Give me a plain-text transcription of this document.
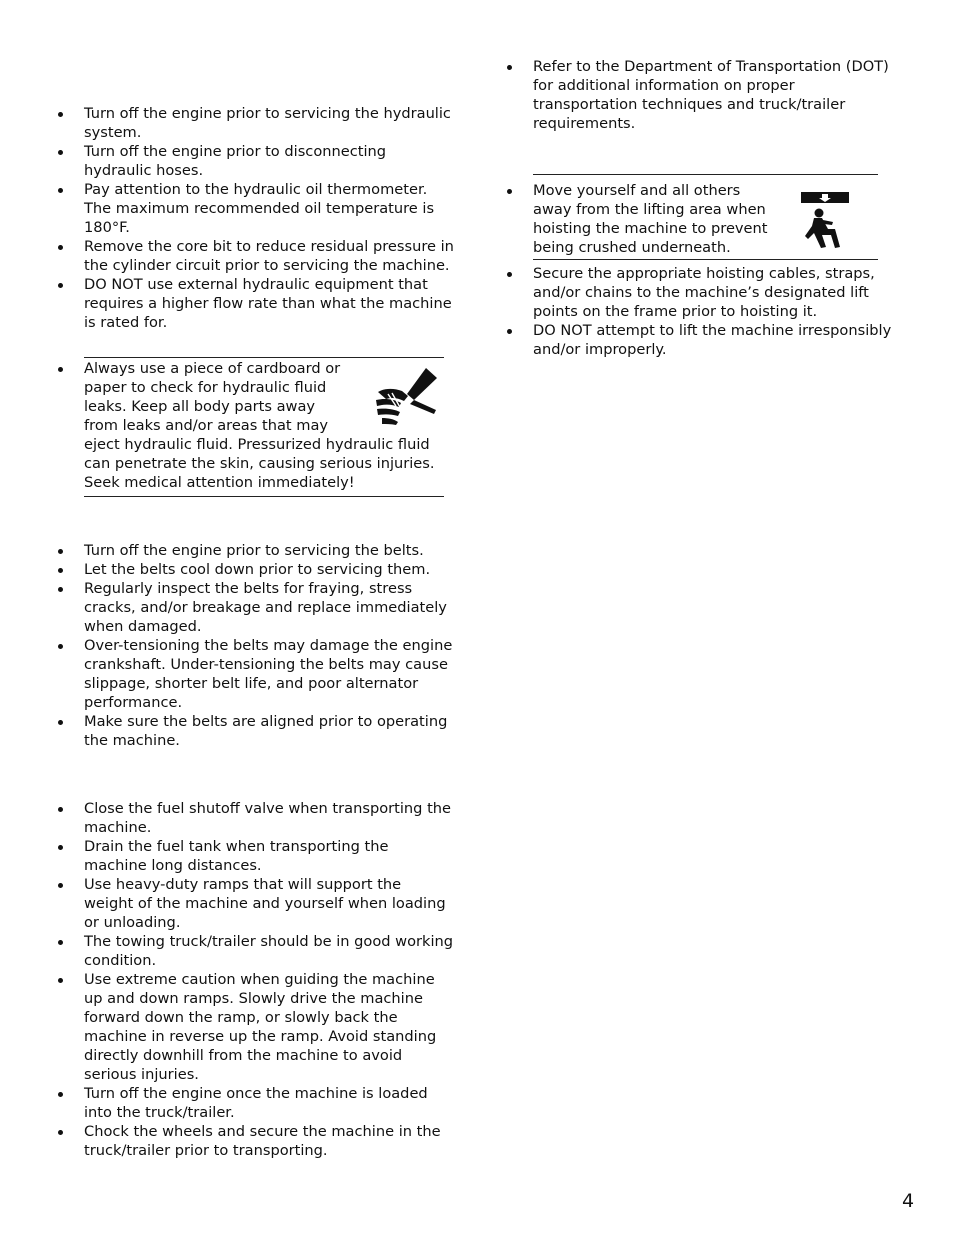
Turn off the engine prior to servicing the hydraulic system.
Turn off the engine prior to disconnecting hydraulic hoses.
Pay attention to the hydraulic oil thermometer. The maximum recommended oil temperature is 180°F.
Remove the core bit to reduce residual pressure in the cylinder circuit prior to servicing the machine.
DO NOT use external hydraulic equipment that requires a higher flow rate than what the machine is rated for.
Always use a piece of cardboard or
paper to check for hydraulic fluid
leaks. Keep all body parts away
from leaks and/or areas that may
eject hydraulic fluid. Pressurized hydraulic fluid
can penetrate the skin, causing serious injuries.
Seek medical attention immediately!
Turn off the engine prior to servicing the belts.
Let the belts cool down prior to servicing them.
Regularly inspect the belts for fraying, stress cracks, and/or breakage and replace immediately when damaged.
Over-tensioning the belts may damage the engine crankshaft. Under-tensioning the belts may cause slippage, shorter belt life, and poor alternator performance.
Make sure the belts are aligned prior to operating the machine.
Close the fuel shutoff valve when transporting the machine.
Drain the fuel tank when transporting the machine long distances.
Use heavy-duty ramps that will support the weight of the machine and yourself when loading or unloading.
The towing truck/trailer should be in good working condition.
Use extreme caution when guiding the machine up and down ramps. Slowly drive the machine forward down the ramp, or slowly back the machine in reverse up the ramp. Avoid standing directly downhill from the machine to avoid serious injuries.
Turn off the engine once the machine is loaded into the truck/trailer.
Chock the wheels and secure the machine in the truck/trailer prior to transporting.
Refer to the Department of Transportation (DOT) for additional information on proper transportation techniques and truck/trailer requirements.
Move yourself and all others
away from the lifting area when
hoisting the machine to prevent
being crushed underneath.
Secure the appropriate hoisting cables, straps, and/or chains to the machine’s designated lift points on the frame prior to hoisting it.
DO NOT attempt to lift the machine irresponsibly and/or improperly.
4
